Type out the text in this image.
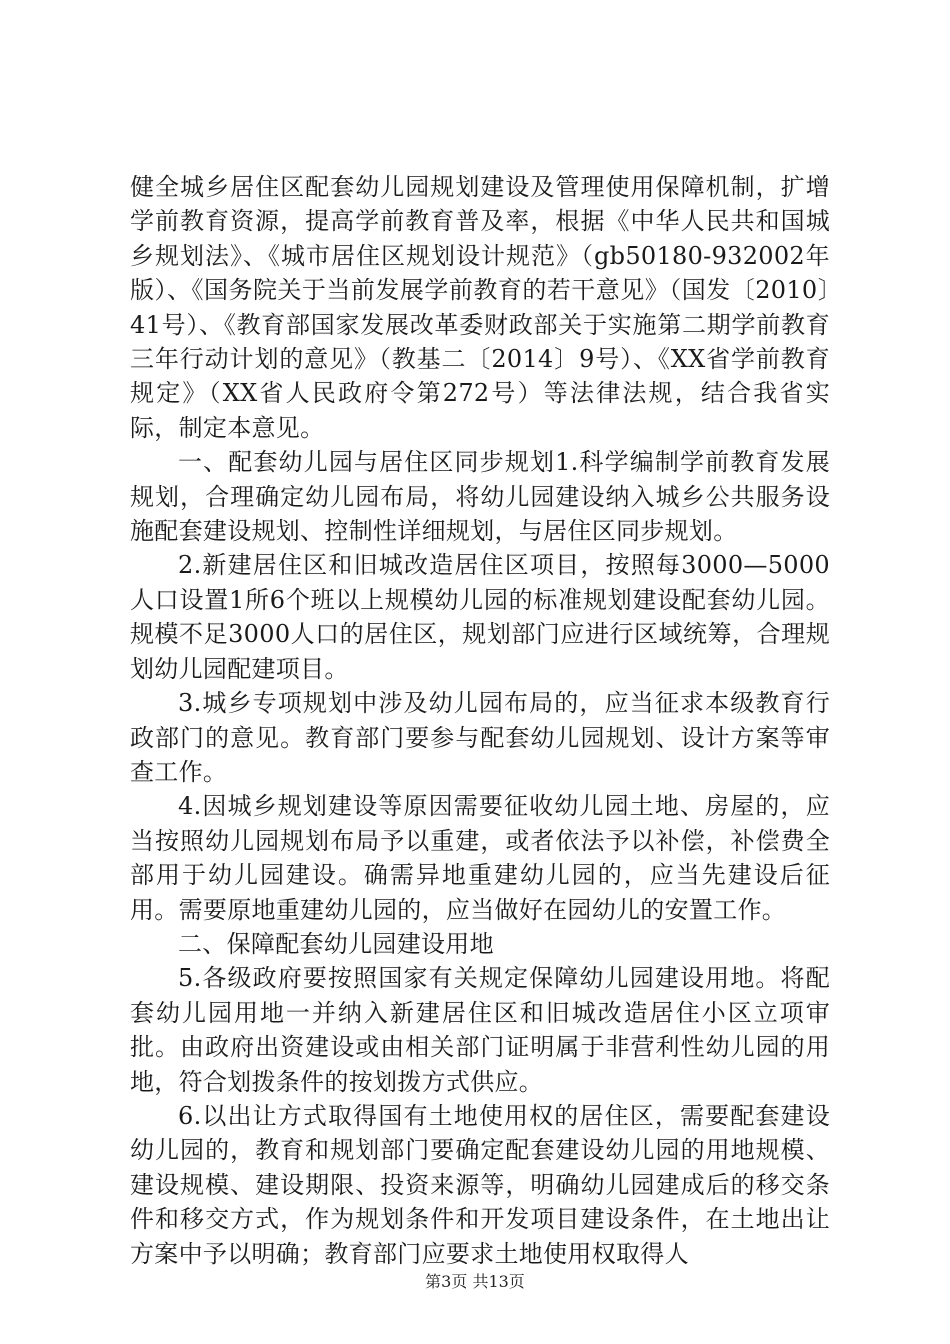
健全城乡居住区配套幼儿园规划建设及管理使用保障机制，扩增学前教育资源，提高学前教育普及率，根据《中华人民共和国城乡规划法》、《城市居住区规划设计规范》（gb50180-932002年版）、《国务院关于当前发展学前教育的若干意见》（国发〔2010〕41号）、《教育部国家发展改革委财政部关于实施第二期学前教育三年行动计划的意见》（教基二〔2014〕9号）、《XX省学前教育规定》（XX省人民政府令第272号）等法律法规，结合我省实际，制定本意见。

一、配套幼儿园与居住区同步规划1.科学编制学前教育发展规划，合理确定幼儿园布局，将幼儿园建设纳入城乡公共服务设施配套建设规划、控制性详细规划，与居住区同步规划。

2.新建居住区和旧城改造居住区项目，按照每3000—5000人口设置1所6个班以上规模幼儿园的标准规划建设配套幼儿园。规模不足3000人口的居住区，规划部门应进行区域统筹，合理规划幼儿园配建项目。

3.城乡专项规划中涉及幼儿园布局的，应当征求本级教育行政部门的意见。教育部门要参与配套幼儿园规划、设计方案等审查工作。

4.因城乡规划建设等原因需要征收幼儿园土地、房屋的，应当按照幼儿园规划布局予以重建，或者依法予以补偿，补偿费全部用于幼儿园建设。确需异地重建幼儿园的，应当先建设后征用。需要原地重建幼儿园的，应当做好在园幼儿的安置工作。

二、保障配套幼儿园建设用地

5.各级政府要按照国家有关规定保障幼儿园建设用地。将配套幼儿园用地一并纳入新建居住区和旧城改造居住小区立项审批。由政府出资建设或由相关部门证明属于非营利性幼儿园的用地，符合划拨条件的按划拨方式供应。

6.以出让方式取得国有土地使用权的居住区，需要配套建设幼儿园的，教育和规划部门要确定配套建设幼儿园的用地规模、建设规模、建设期限、投资来源等，明确幼儿园建成后的移交条件和移交方式，作为规划条件和开发项目建设条件，在土地出让方案中予以明确；教育部门应要求土地使用权取得人

第3页 共13页
